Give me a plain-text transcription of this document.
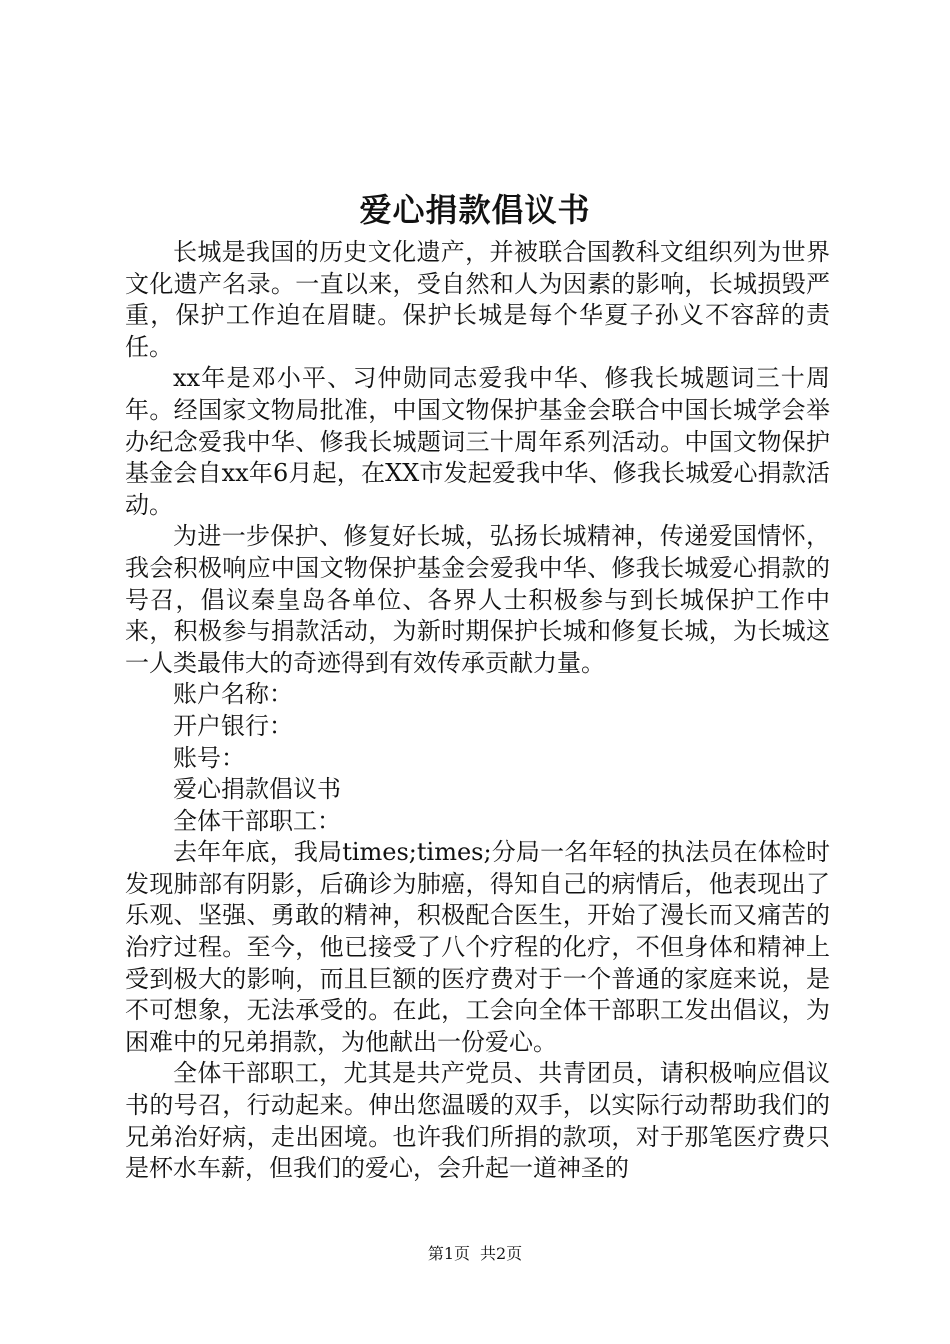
爱心捐款倡议书

长城是我国的历史文化遗产，并被联合国教科文组织列为世界文化遗产名录。一直以来，受自然和人为因素的影响，长城损毁严重，保护工作迫在眉睫。保护长城是每个华夏子孙义不容辞的责任。

xx年是邓小平、习仲勋同志爱我中华、修我长城题词三十周年。经国家文物局批准，中国文物保护基金会联合中国长城学会举办纪念爱我中华、修我长城题词三十周年系列活动。中国文物保护基金会自xx年6月起，在XX市发起爱我中华、修我长城爱心捐款活动。

为进一步保护、修复好长城，弘扬长城精神，传递爱国情怀，我会积极响应中国文物保护基金会爱我中华、修我长城爱心捐款的号召，倡议秦皇岛各单位、各界人士积极参与到长城保护工作中来，积极参与捐款活动，为新时期保护长城和修复长城，为长城这一人类最伟大的奇迹得到有效传承贡献力量。

账户名称：

开户银行：

账号：

爱心捐款倡议书

全体干部职工：

去年年底，我局times;times;分局一名年轻的执法员在体检时发现肺部有阴影，后确诊为肺癌，得知自己的病情后，他表现出了乐观、坚强、勇敢的精神，积极配合医生，开始了漫长而又痛苦的治疗过程。至今，他已接受了八个疗程的化疗，不但身体和精神上受到极大的影响，而且巨额的医疗费对于一个普通的家庭来说，是不可想象，无法承受的。在此，工会向全体干部职工发出倡议，为困难中的兄弟捐款，为他献出一份爱心。

全体干部职工，尤其是共产党员、共青团员，请积极响应倡议书的号召，行动起来。伸出您温暖的双手，以实际行动帮助我们的兄弟治好病，走出困境。也许我们所捐的款项，对于那笔医疗费只是杯水车薪，但我们的爱心，会升起一道神圣的

第1页 共2页
